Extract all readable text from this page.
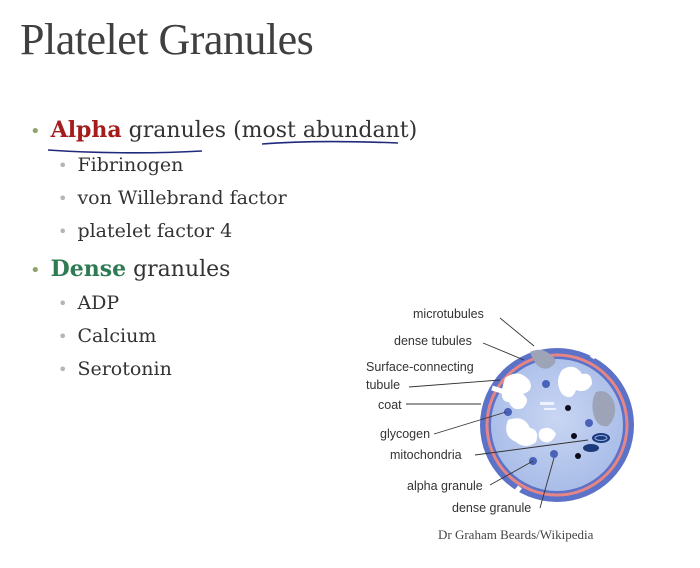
Platelet Granules
• Alpha granules (most abundant)
• Fibrinogen
• von Willebrand factor
• platelet factor 4
• Dense granules
• ADP
• Calcium
• Serotonin
microtubules
dense tubules
Surface-connecting
tubule
coat
glycogen
mitochondria
alpha granule
dense granule
Dr Graham Beards/Wikipedia
